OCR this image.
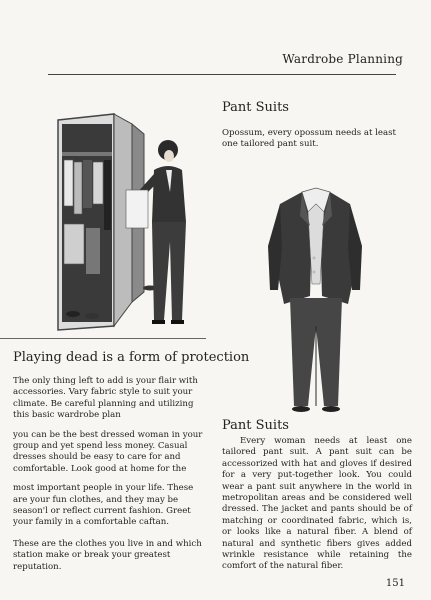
Wardrobe Planning
Pant Suits
Opossum, every opossum needs at least one tailored pant suit.
Playing dead is a form of protection

The only thing left to add is your flair with accessories. Vary fabric style to suit your climate. Be careful planning and utilizing this basic wardrobe plan

you can be the best dressed woman in your group and yet spend less money. Casual dresses should be easy to care for and comfortable. Look good at home for the

most important people in your life. These are your fun clothes, and they may be season'l or reflect current fashion. Greet your family in a comfortable caftan.

These are the clothes you live in and which station make or break your greatest reputation.

Pant Suits
Every woman needs at least one tailored pant suit. A pant suit can be accessorized with hat and gloves if desired for a very put-together look. You could wear a pant suit anywhere in the world in metropolitan areas and be considered well dressed. The jacket and pants should be of matching or coordinated fabric, which is, or looks like a natural fiber. A blend of natural and synthetic fibers gives added wrinkle resistance while retaining the comfort of the natural fiber.
151
